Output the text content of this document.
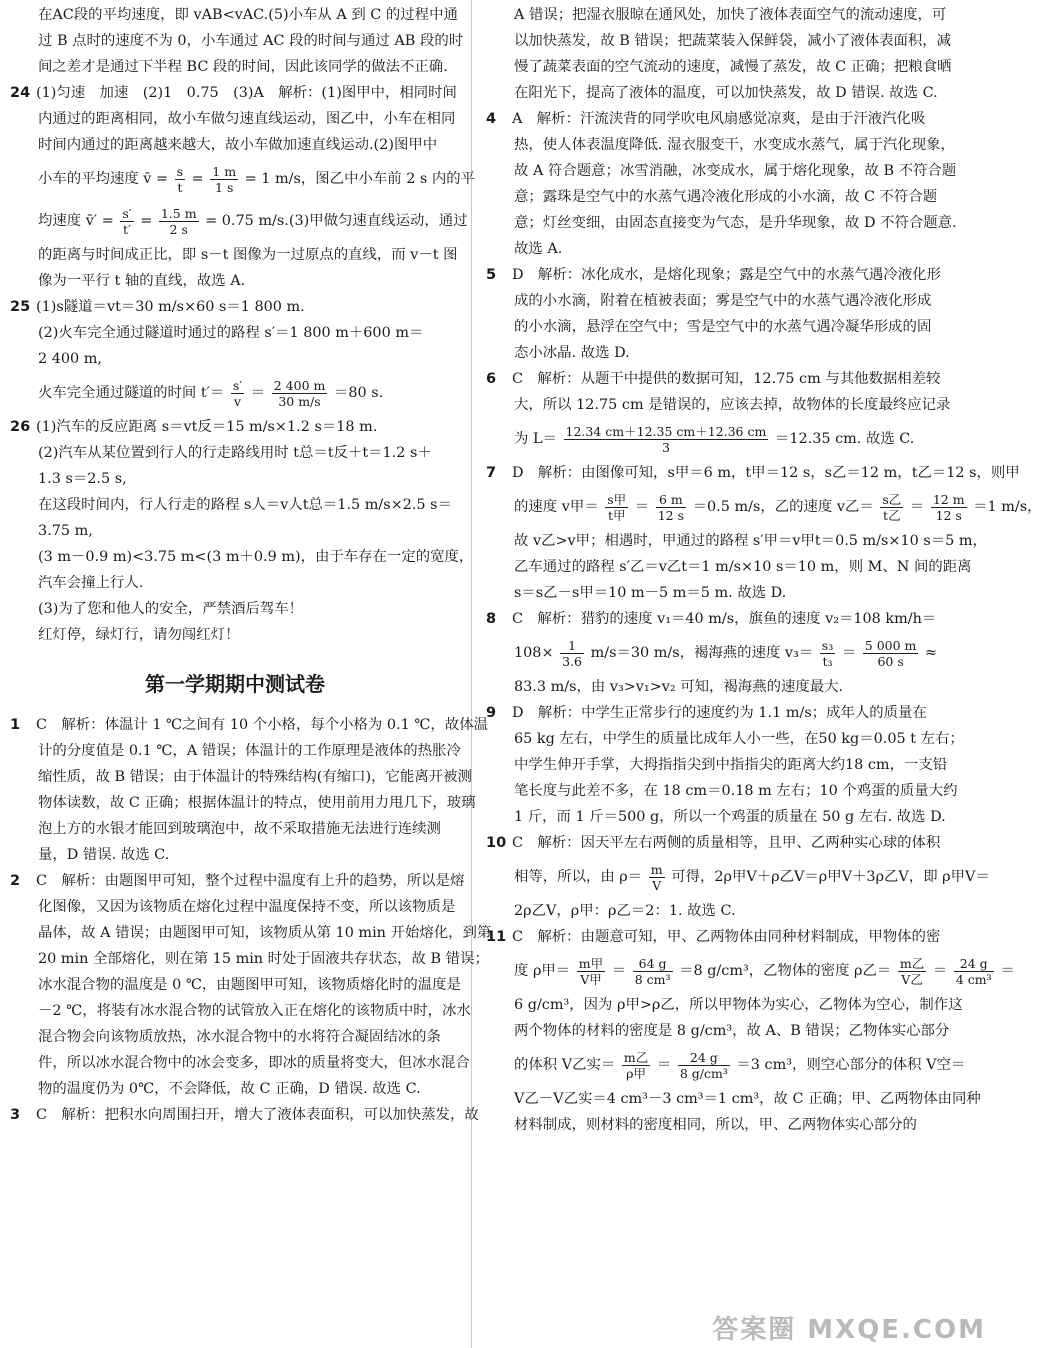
在AC段的平均速度，即 vAB<vAC.(5)小车从 A 到 C 的过程中通
过 B 点时的速度不为 0，小车通过 AC 段的时间与通过 AB 段的时
间之差才是通过下半程 BC 段的时间，因此该同学的做法不正确.
24 (1)匀速　加速　(2)1　0.75　(3)A　解析：(1)图甲中，相同时间
内通过的距离相同，故小车做匀速直线运动，图乙中，小车在相同
时间内通过的距离越来越大，故小车做加速直线运动.(2)图甲中
小车的平均速度 v̄ = $\frac{s}{t} = \frac{1 m}{1 s} = 1$ m/s，图乙中小车前 2 s 内的平
均速度 v̄′ = $\frac{s'}{t'} = \frac{1.5 m}{2 s} = 0.75$ m/s.(3)甲做匀速直线运动，通过
的距离与时间成正比，即 s－t 图像为一过原点的直线，而 v－t 图
像为一平行 t 轴的直线，故选 A.
25 (1)s隧道＝vt＝30 m/s×60 s＝1 800 m.
(2)火车完全通过隧道时通过的路程 s′＝1 800 m＋600 m＝
2 400 m,
火车完全通过隧道的时间 $t'= \frac{s'}{v} = \frac{2 400 m}{30 m/s} =80$ s.
26 (1)汽车的反应距离 s＝vt反＝15 m/s×1.2 s＝18 m.
(2)汽车从某位置到行人的行走路线用时 t总＝t反＋t＝1.2 s＋
1.3 s＝2.5 s,
在这段时间内，行人行走的路程 s人＝v人t总＝1.5 m/s×2.5 s＝
3.75 m,
(3 m－0.9 m)<3.75 m<(3 m＋0.9 m)，由于车存在一定的宽度，
汽车会撞上行人.
(3)为了您和他人的安全，严禁酒后驾车！
红灯停，绿灯行，请勿闯红灯！
第一学期期中测试卷
1 C　解析：体温计 1 ℃之间有 10 个小格，每个小格为 0.1 ℃，故体温
计的分度值是 0.1 ℃，A 错误；体温计的工作原理是液体的热胀冷
缩性质，故 B 错误；由于体温计的特殊结构(有缩口)，它能离开被测
物体读数，故 C 正确；根据体温计的特点，使用前用力甩几下，玻璃
泡上方的水银才能回到玻璃泡中，故不采取措施无法进行连续测
量，D 错误. 故选 C.
2 C　解析：由题图甲可知，整个过程中温度有上升的趋势，所以是熔
化图像，又因为该物质在熔化过程中温度保持不变，所以该物质是
晶体，故 A 错误；由题图甲可知，该物质从第 10 min 开始熔化，到第
20 min 全部熔化，则在第 15 min 时处于固液共存状态，故 B 错误；
冰水混合物的温度是 0 ℃，由题图甲可知，该物质熔化时的温度是
－2 ℃，将装有冰水混合物的试管放入正在熔化的该物质中时，冰水
混合物会向该物质放热，冰水混合物中的水将符合凝固结冰的条
件，所以冰水混合物中的冰会变多，即冰的质量将变大，但冰水混合
物的温度仍为 0℃，不会降低，故 C 正确，D 错误. 故选 C.
3 C　解析：把积水向周围扫开，增大了液体表面积，可以加快蒸发，故
A 错误；把湿衣服晾在通风处，加快了液体表面空气的流动速度，可
以加快蒸发，故 B 错误；把蔬菜装入保鲜袋，减小了液体表面积，减
慢了蔬菜表面的空气流动的速度，减慢了蒸发，故 C 正确；把粮食晒
在阳光下，提高了液体的温度，可以加快蒸发，故 D 错误. 故选 C.
4 A　解析：汗流浃背的同学吹电风扇感觉凉爽，是由于汗液汽化吸
热，使人体表温度降低. 湿衣服变干，水变成水蒸气，属于汽化现象，
故 A 符合题意；冰雪消融，冰变成水，属于熔化现象，故 B 不符合题
意；露珠是空气中的水蒸气遇冷液化形成的小水滴，故 C 不符合题
意；灯丝变细，由固态直接变为气态，是升华现象，故 D 不符合题意.
故选 A.
5 D　解析：冰化成水，是熔化现象；露是空气中的水蒸气遇冷液化形
成的小水滴，附着在植被表面；雾是空气中的水蒸气遇冷液化形成
的小水滴，悬浮在空气中；雪是空气中的水蒸气遇冷凝华形成的固
态小冰晶. 故选 D.
6 C　解析：从题干中提供的数据可知，12.75 cm 与其他数据相差较
大，所以 12.75 cm 是错误的，应该去掉，故物体的长度最终应记录
为 $L= \frac{12.34 cm+12.35 cm+12.36 cm}{3} =12.35$ cm. 故选 C.
7 D　解析：由图像可知，s甲＝6 m，t甲＝12 s，s乙＝12 m，t乙＝12 s，则甲
的速度 v甲＝ $\frac{\text{s甲}}{\text{t甲}} = \frac{6 m}{12 s} =0.5$ m/s，乙的速度 v乙＝ $\frac{\text{s乙}}{\text{t乙}} = \frac{12 m}{12 s} =1$ m/s，
故 v乙>v甲；相遇时，甲通过的路程 s′甲＝v甲t＝0.5 m/s×10 s＝5 m，
乙车通过的路程 s′乙＝v乙t＝1 m/s×10 s＝10 m，则 M、N 间的距离
s＝s乙－s甲＝10 m－5 m＝5 m. 故选 D.
8 C　解析：猎豹的速度 v₁＝40 m/s，旗鱼的速度 v₂＝108 km/h＝
$108\times \frac{1}{3.6} m/s=30$ m/s，褐海燕的速度 $v_3= \frac{\text{s₃}}{\text{t₃}} = \frac{5 000 m}{60 s}$ ≈
83.3 m/s，由 v₃>v₁>v₂ 可知，褐海燕的速度最大.
9 D　解析：中学生正常步行的速度约为 1.1 m/s；成年人的质量在
65 kg 左右，中学生的质量比成年人小一些，在50 kg＝0.05 t 左右；
中学生伸开手掌，大拇指指尖到中指指尖的距离大约18 cm，一支铅
笔长度与此差不多，在 18 cm＝0.18 m 左右；10 个鸡蛋的质量大约
1 斤，而 1 斤＝500 g，所以一个鸡蛋的质量在 50 g 左右. 故选 D.
10 C　解析：因天平左右两侧的质量相等，且甲、乙两种实心球的体积
相等，所以，由 $\rho= \frac{m}{V}$ 可得，2ρ甲V＋ρ乙V＝ρ甲V＋3ρ乙V，即 ρ甲V＝
2ρ乙V，ρ甲：ρ乙＝2：1. 故选 C.
11 C　解析：由题意可知，甲、乙两物体由同种材料制成，甲物体的密
度 ρ甲＝ $\frac{\text{m甲}}{\text{V甲}} = \frac{64 g}{\text{8 cm³}} =8$ g/cm³，乙物体的密度 ρ乙＝ $\frac{\text{m乙}}{\text{V乙}} = \frac{24 g}{\text{4 cm³}}$ ＝
6 g/cm³，因为 ρ甲>ρ乙，所以甲物体为实心，乙物体为空心，制作这
两个物体的材料的密度是 8 g/cm³，故 A、B 错误；乙物体实心部分
的体积 V乙实＝ $\frac{\text{m乙}}{\text{ρ甲}} = \frac{24 g}{\text{8 g/cm³}} =3$ cm³，则空心部分的体积 V空＝
V乙－V乙实＝4 cm³－3 cm³＝1 cm³，故 C 正确；甲、乙两物体由同种
材料制成，则材料的密度相同，所以，甲、乙两物体实心部分的
答案圈 MXQE.COM
